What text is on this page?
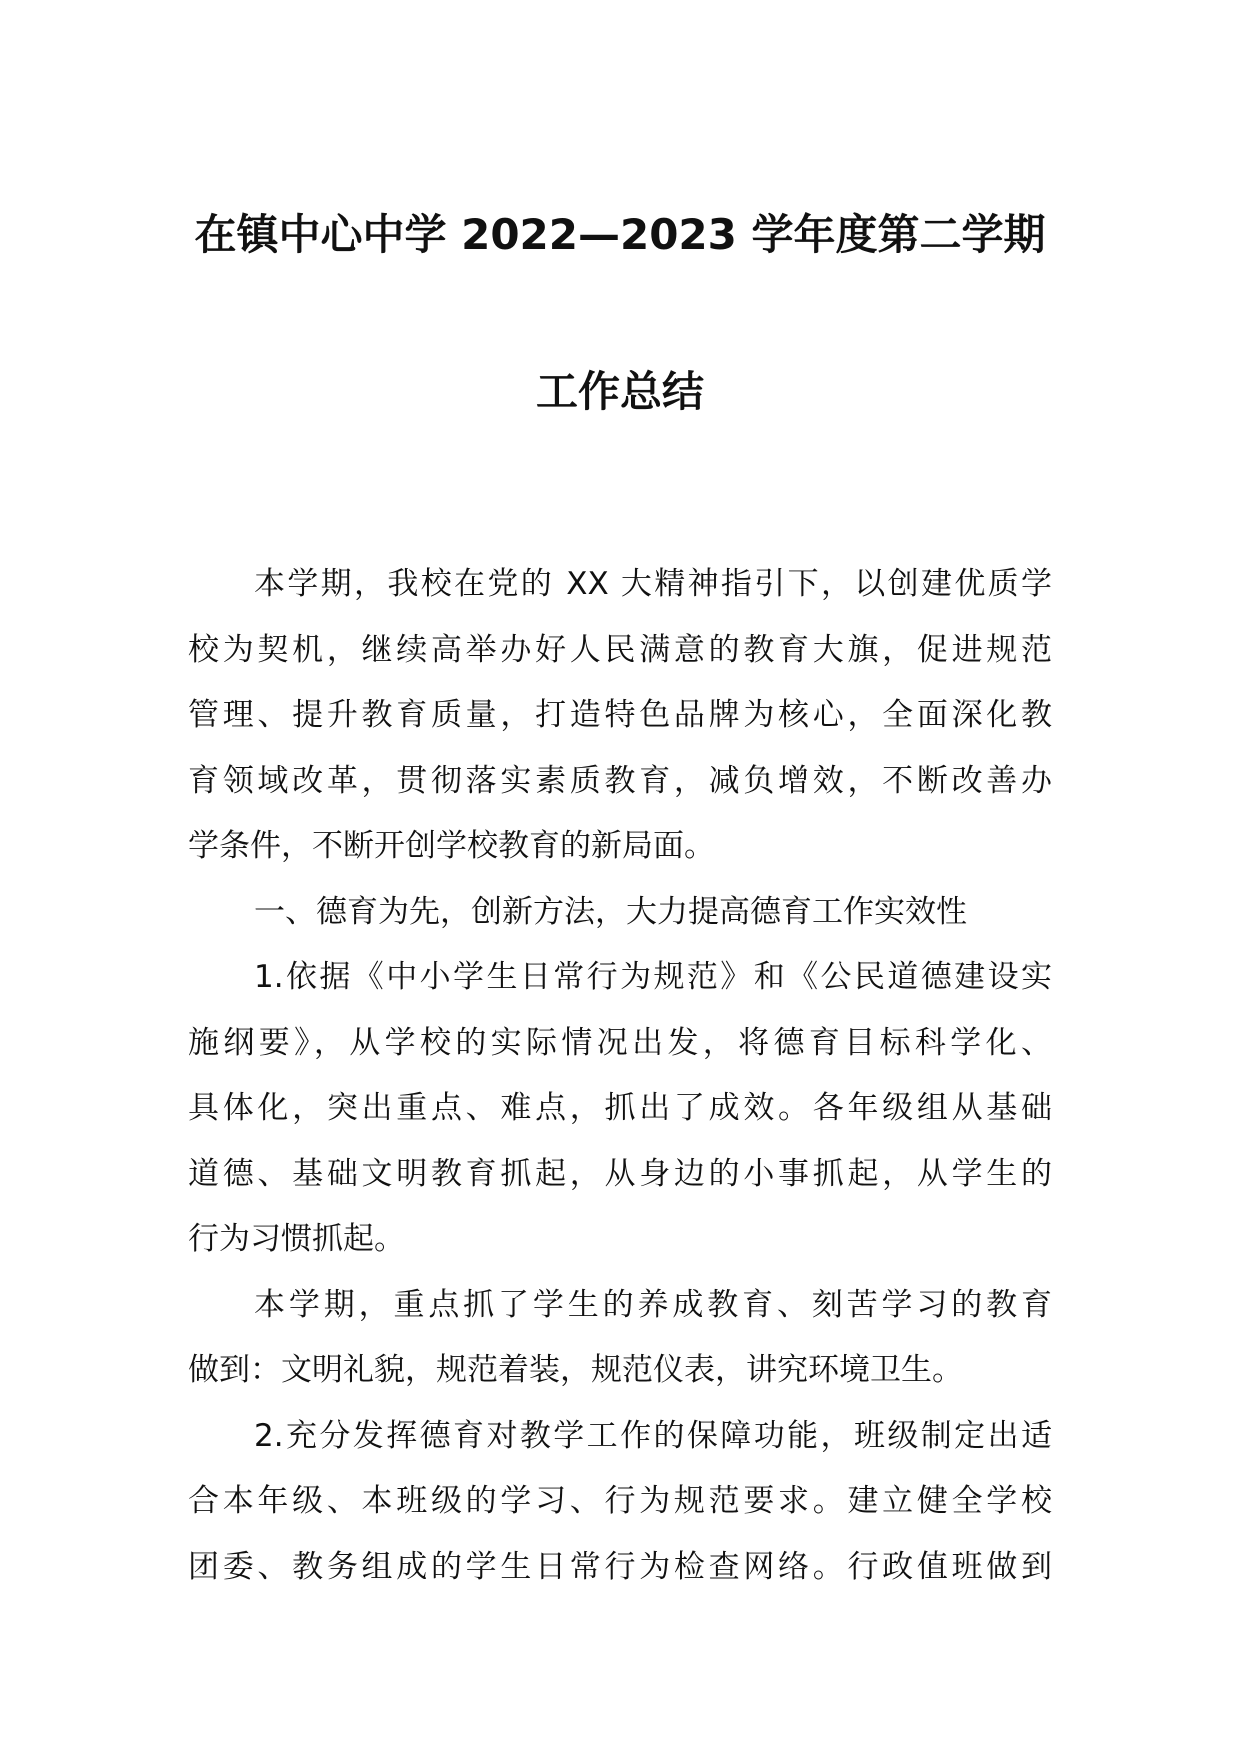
在镇中心中学 2022—2023 学年度第二学期
工作总结
本学期，我校在党的 XX 大精神指引下，以创建优质学
校为契机，继续高举办好人民满意的教育大旗，促进规范
管理、提升教育质量，打造特色品牌为核心，全面深化教
育领域改革，贯彻落实素质教育，减负增效，不断改善办
学条件，不断开创学校教育的新局面。
一、德育为先，创新方法，大力提高德育工作实效性
1.依据《中小学生日常行为规范》和《公民道德建设实
施纲要》，从学校的实际情况出发，将德育目标科学化、
具体化，突出重点、难点，抓出了成效。各年级组从基础
道德、基础文明教育抓起，从身边的小事抓起，从学生的
行为习惯抓起。
本学期，重点抓了学生的养成教育、刻苦学习的教育
做到：文明礼貌，规范着装，规范仪表，讲究环境卫生。
2.充分发挥德育对教学工作的保障功能，班级制定出适
合本年级、本班级的学习、行为规范要求。建立健全学校
团委、教务组成的学生日常行为检查网络。行政值班做到
